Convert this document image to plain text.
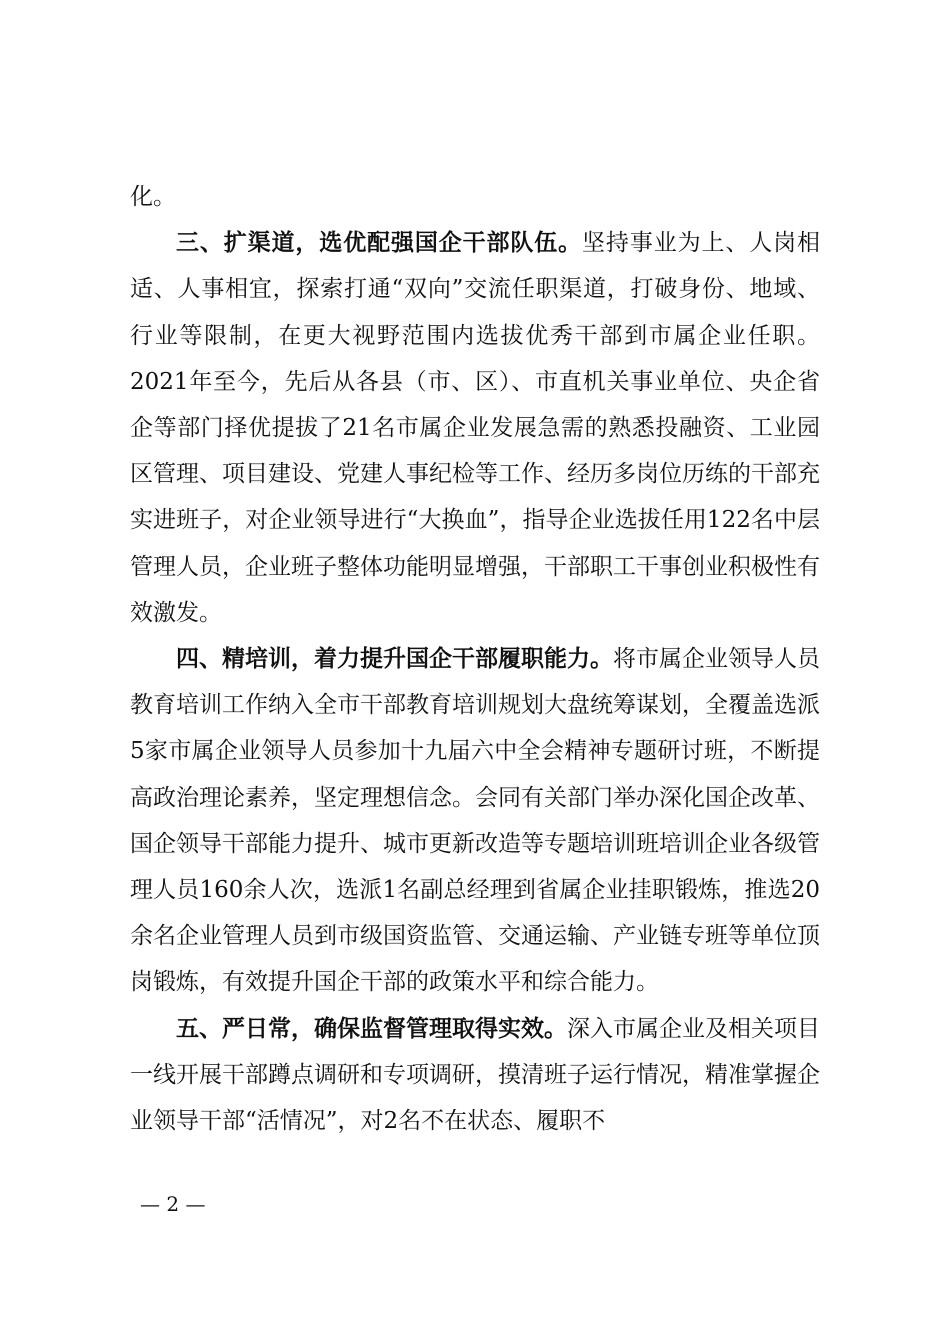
化。

三、扩渠道，选优配强国企干部队伍。坚持事业为上、人岗相适、人事相宜，探索打通“双向”交流任职渠道，打破身份、地域、行业等限制，在更大视野范围内选拔优秀干部到市属企业任职。2021年至今，先后从各县（市、区）、市直机关事业单位、央企省企等部门择优提拔了21名市属企业发展急需的熟悉投融资、工业园区管理、项目建设、党建人事纪检等工作、经历多岗位历练的干部充实进班子，对企业领导进行“大换血”，指导企业选拔任用122名中层管理人员，企业班子整体功能明显增强，干部职工干事创业积极性有效激发。

四、精培训，着力提升国企干部履职能力。将市属企业领导人员教育培训工作纳入全市干部教育培训规划大盘统筹谋划，全覆盖选派5家市属企业领导人员参加十九届六中全会精神专题研讨班，不断提高政治理论素养，坚定理想信念。会同有关部门举办深化国企改革、国企领导干部能力提升、城市更新改造等专题培训班培训企业各级管理人员160余人次，选派1名副总经理到省属企业挂职锻炼，推选20余名企业管理人员到市级国资监管、交通运输、产业链专班等单位顶岗锻炼，有效提升国企干部的政策水平和综合能力。

五、严日常，确保监督管理取得实效。深入市属企业及相关项目一线开展干部蹲点调研和专项调研，摸清班子运行情况，精准掌握企业领导干部“活情况”，对2名不在状态、履职不

— 2 —
